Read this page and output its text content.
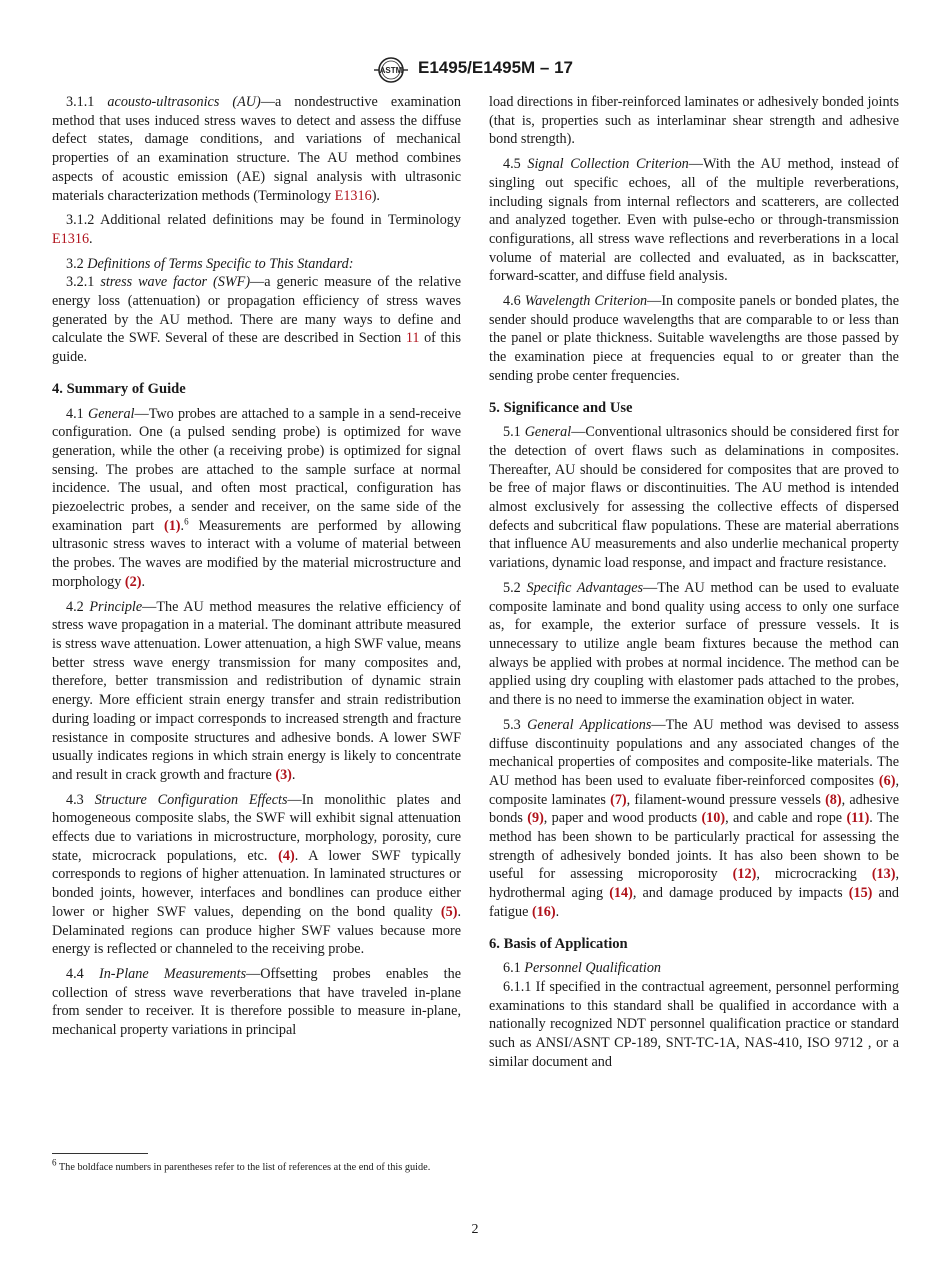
ASTM E1495/E1495M – 17

3.1.1 acousto-ultrasonics (AU)—a nondestructive examination method that uses induced stress waves to detect and assess the diffuse defect states, damage conditions, and variations of mechanical properties of an examination structure. The AU method combines aspects of acoustic emission (AE) signal analysis with ultrasonic materials characterization methods (Terminology E1316).

3.1.2 Additional related definitions may be found in Terminology E1316.

3.2 Definitions of Terms Specific to This Standard:

3.2.1 stress wave factor (SWF)—a generic measure of the relative energy loss (attenuation) or propagation efficiency of stress waves generated by the AU method. There are many ways to define and calculate the SWF. Several of these are described in Section 11 of this guide.

4. Summary of Guide

4.1 General—Two probes are attached to a sample in a send-receive configuration. One (a pulsed sending probe) is optimized for wave generation, while the other (a receiving probe) is optimized for signal sensing. The probes are attached to the sample surface at normal incidence. The usual, and often most practical, configuration has piezoelectric probes, a sender and receiver, on the same side of the examination part (1).$^6$ Measurements are performed by allowing ultrasonic stress waves to interact with a volume of material between the probes. The waves are modified by the material microstructure and morphology (2).

4.2 Principle—The AU method measures the relative efficiency of stress wave propagation in a material. The dominant attribute measured is stress wave attenuation. Lower attenuation, a high SWF value, means better stress wave energy transmission for many composites and, therefore, better transmission and redistribution of dynamic strain energy. More efficient strain energy transfer and strain redistribution during loading or impact corresponds to increased strength and fracture resistance in composite structures and adhesive bonds. A lower SWF usually indicates regions in which strain energy is likely to concentrate and result in crack growth and fracture (3).

4.3 Structure Configuration Effects—In monolithic plates and homogeneous composite slabs, the SWF will exhibit signal attenuation effects due to variations in microstructure, morphology, porosity, cure state, microcrack populations, etc. (4). A lower SWF typically corresponds to regions of higher attenuation. In laminated structures or bonded joints, however, interfaces and bondlines can produce either lower or higher SWF values, depending on the bond quality (5). Delaminated regions can produce higher SWF values because more energy is reflected or channeled to the receiving probe.

4.4 In-Plane Measurements—Offsetting probes enables the collection of stress wave reverberations that have traveled in-plane from sender to receiver. It is therefore possible to measure in-plane, mechanical property variations in principal

$^6$ The boldface numbers in parentheses refer to the list of references at the end of this guide.

load directions in fiber-reinforced laminates or adhesively bonded joints (that is, properties such as interlaminar shear strength and adhesive bond strength).

4.5 Signal Collection Criterion—With the AU method, instead of singling out specific echoes, all of the multiple reverberations, including signals from internal reflectors and scatterers, are collected and analyzed together. Even with pulse-echo or through-transmission configurations, all stress wave reflections and reverberations in a local volume of material are collected and evaluated, as in backscatter, forward-scatter, and diffuse field analysis.

4.6 Wavelength Criterion—In composite panels or bonded plates, the sender should produce wavelengths that are comparable to or less than the panel or plate thickness. Suitable wavelengths are those passed by the examination piece at frequencies equal to or greater than the sending probe center frequencies.

5. Significance and Use

5.1 General—Conventional ultrasonics should be considered first for the detection of overt flaws such as delaminations in composites. Thereafter, AU should be considered for composites that are proved to be free of major flaws or discontinuities. The AU method is intended almost exclusively for assessing the collective effects of dispersed defects and subcritical flaw populations. These are material aberrations that influence AU measurements and also underlie mechanical property variations, dynamic load response, and impact and fracture resistance.

5.2 Specific Advantages—The AU method can be used to evaluate composite laminate and bond quality using access to only one surface as, for example, the exterior surface of pressure vessels. It is unnecessary to utilize angle beam fixtures because the method can always be applied with probes at normal incidence. The method can be applied using dry coupling with elastomer pads attached to the probes, and there is no need to immerse the examination object in water.

5.3 General Applications—The AU method was devised to assess diffuse discontinuity populations and any associated changes of the mechanical properties of composites and composite-like materials. The AU method has been used to evaluate fiber-reinforced composites (6), composite laminates (7), filament-wound pressure vessels (8), adhesive bonds (9), paper and wood products (10), and cable and rope (11). The method has been shown to be particularly practical for assessing the strength of adhesively bonded joints. It has also been shown to be useful for assessing microporosity (12), microcracking (13), hydrothermal aging (14), and damage produced by impacts (15) and fatigue (16).

6. Basis of Application

6.1 Personnel Qualification

6.1.1 If specified in the contractual agreement, personnel performing examinations to this standard shall be qualified in accordance with a nationally recognized NDT personnel qualification practice or standard such as ANSI/ASNT CP-189, SNT-TC-1A, NAS-410, ISO 9712 , or a similar document and

2
